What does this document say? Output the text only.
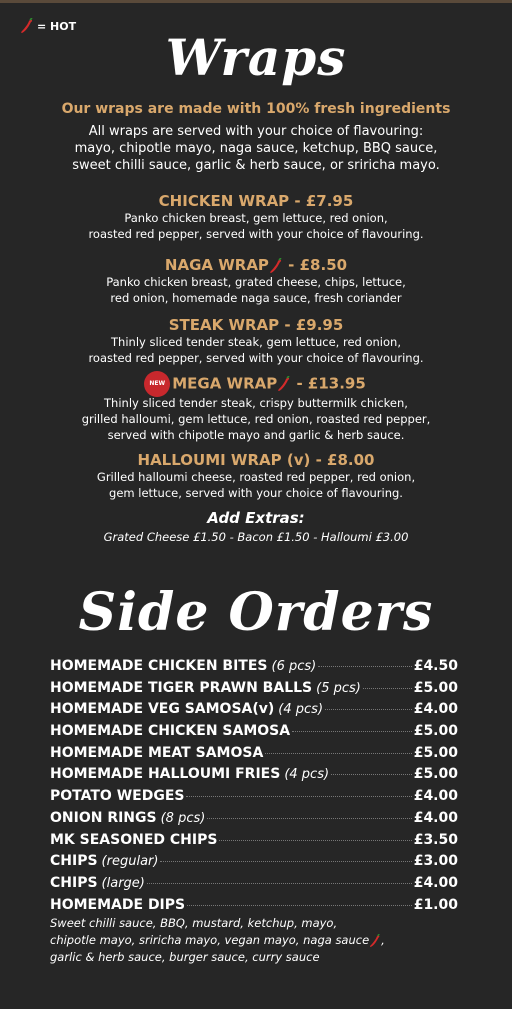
= HOT
Wraps
Our wraps are made with 100% fresh ingredients
All wraps are served with your choice of flavouring:
mayo, chipotle mayo, naga sauce, ketchup, BBQ sauce,
sweet chilli sauce, garlic & herb sauce, or sriricha mayo.
CHICKEN WRAP - £7.95
Panko chicken breast, gem lettuce, red onion,
roasted red pepper, served with your choice of flavouring.
NAGA WRAP - £8.50
Panko chicken breast, grated cheese, chips, lettuce,
red onion, homemade naga sauce, fresh coriander
STEAK WRAP - £9.95
Thinly sliced tender steak, gem lettuce, red onion,
roasted red pepper, served with your choice of flavouring.
NEW MEGA WRAP - £13.95
Thinly sliced tender steak, crispy buttermilk chicken,
grilled halloumi, gem lettuce, red onion, roasted red pepper,
served with chipotle mayo and garlic & herb sauce.
HALLOUMI WRAP (v) - £8.00
Grilled halloumi cheese, roasted red pepper, red onion,
gem lettuce, served with your choice of flavouring.
Add Extras:
Grated Cheese £1.50 - Bacon £1.50 - Halloumi £3.00
Side Orders
HOMEMADE CHICKEN BITES (6 pcs)	£4.50
HOMEMADE TIGER PRAWN BALLS (5 pcs)	£5.00
HOMEMADE VEG SAMOSA(v) (4 pcs)	£4.00
HOMEMADE CHICKEN SAMOSA	£5.00
HOMEMADE MEAT SAMOSA	£5.00
HOMEMADE HALLOUMI FRIES (4 pcs)	£5.00
POTATO WEDGES	£4.00
ONION RINGS (8 pcs)	£4.00
MK SEASONED CHIPS	£3.50
CHIPS (regular)	£3.00
CHIPS (large)	£4.00
HOMEMADE DIPS	£1.00
Sweet chilli sauce, BBQ, mustard, ketchup, mayo,
chipotle mayo, sriricha mayo, vegan mayo, naga sauce ,
garlic & herb sauce, burger sauce, curry sauce
